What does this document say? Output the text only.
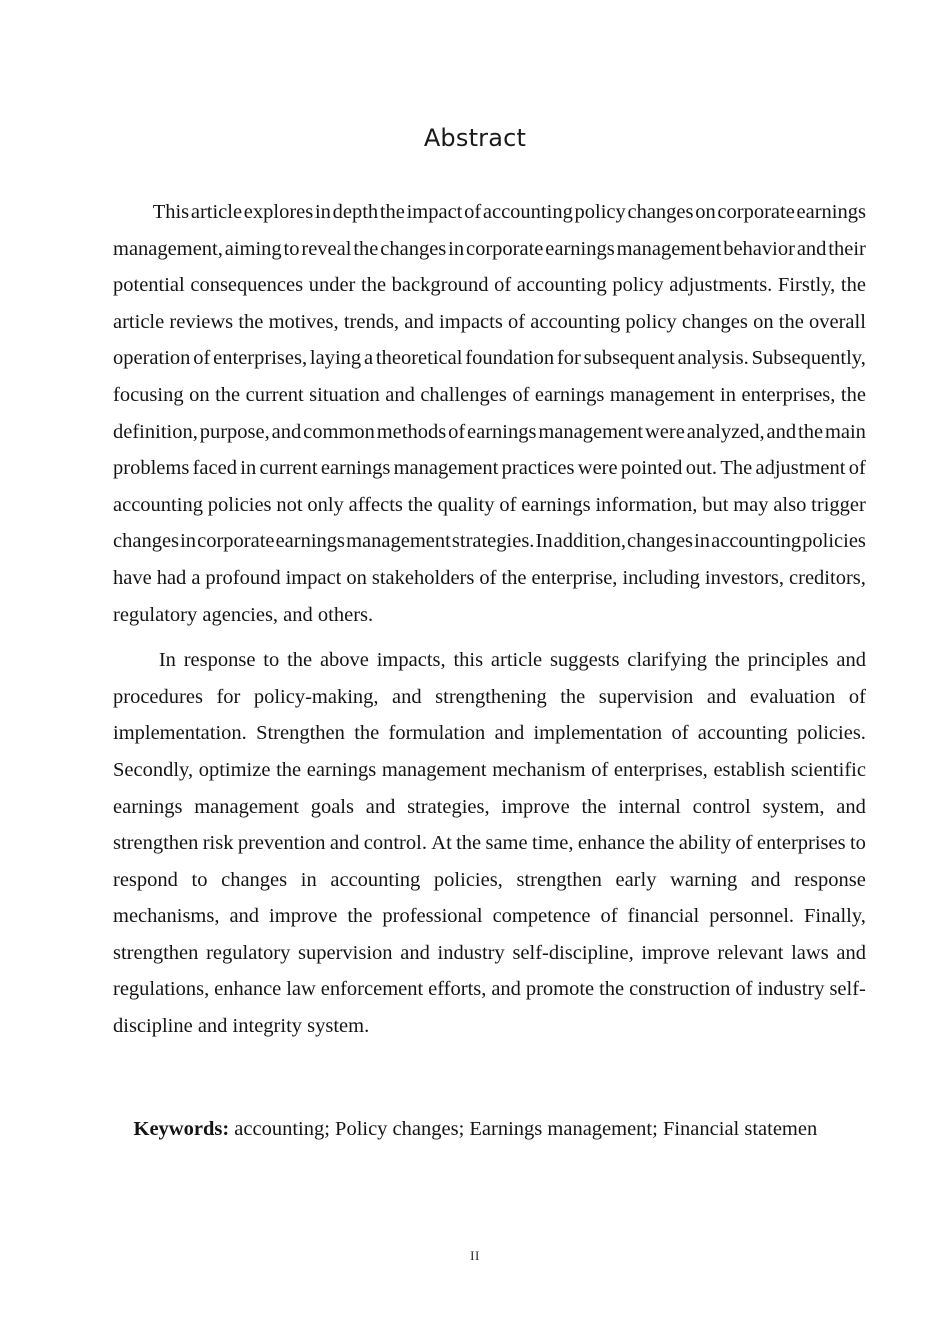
Abstract
This article explores in depth the impact of accounting policy changes on corporate earnings
management, aiming to reveal the changes in corporate earnings management behavior and their
potential consequences under the background of accounting policy adjustments. Firstly, the
article reviews the motives, trends, and impacts of accounting policy changes on the overall
operation of enterprises, laying a theoretical foundation for subsequent analysis. Subsequently,
focusing on the current situation and challenges of earnings management in enterprises, the
definition, purpose, and common methods of earnings management were analyzed, and the main
problems faced in current earnings management practices were pointed out. The adjustment of
accounting policies not only affects the quality of earnings information, but may also trigger
changes in corporate earnings management strategies. In addition, changes in accounting policies
have had a profound impact on stakeholders of the enterprise, including investors, creditors,
regulatory agencies, and others.
In response to the above impacts, this article suggests clarifying the principles and
procedures for policy-making, and strengthening the supervision and evaluation of
implementation. Strengthen the formulation and implementation of accounting policies.
Secondly, optimize the earnings management mechanism of enterprises, establish scientific
earnings management goals and strategies, improve the internal control system, and
strengthen risk prevention and control. At the same time, enhance the ability of enterprises to
respond to changes in accounting policies, strengthen early warning and response
mechanisms, and improve the professional competence of financial personnel. Finally,
strengthen regulatory supervision and industry self-discipline, improve relevant laws and
regulations, enhance law enforcement efforts, and promote the construction of industry self-
discipline and integrity system.

Keywords: accounting; Policy changes; Earnings management; Financial statemen

II
